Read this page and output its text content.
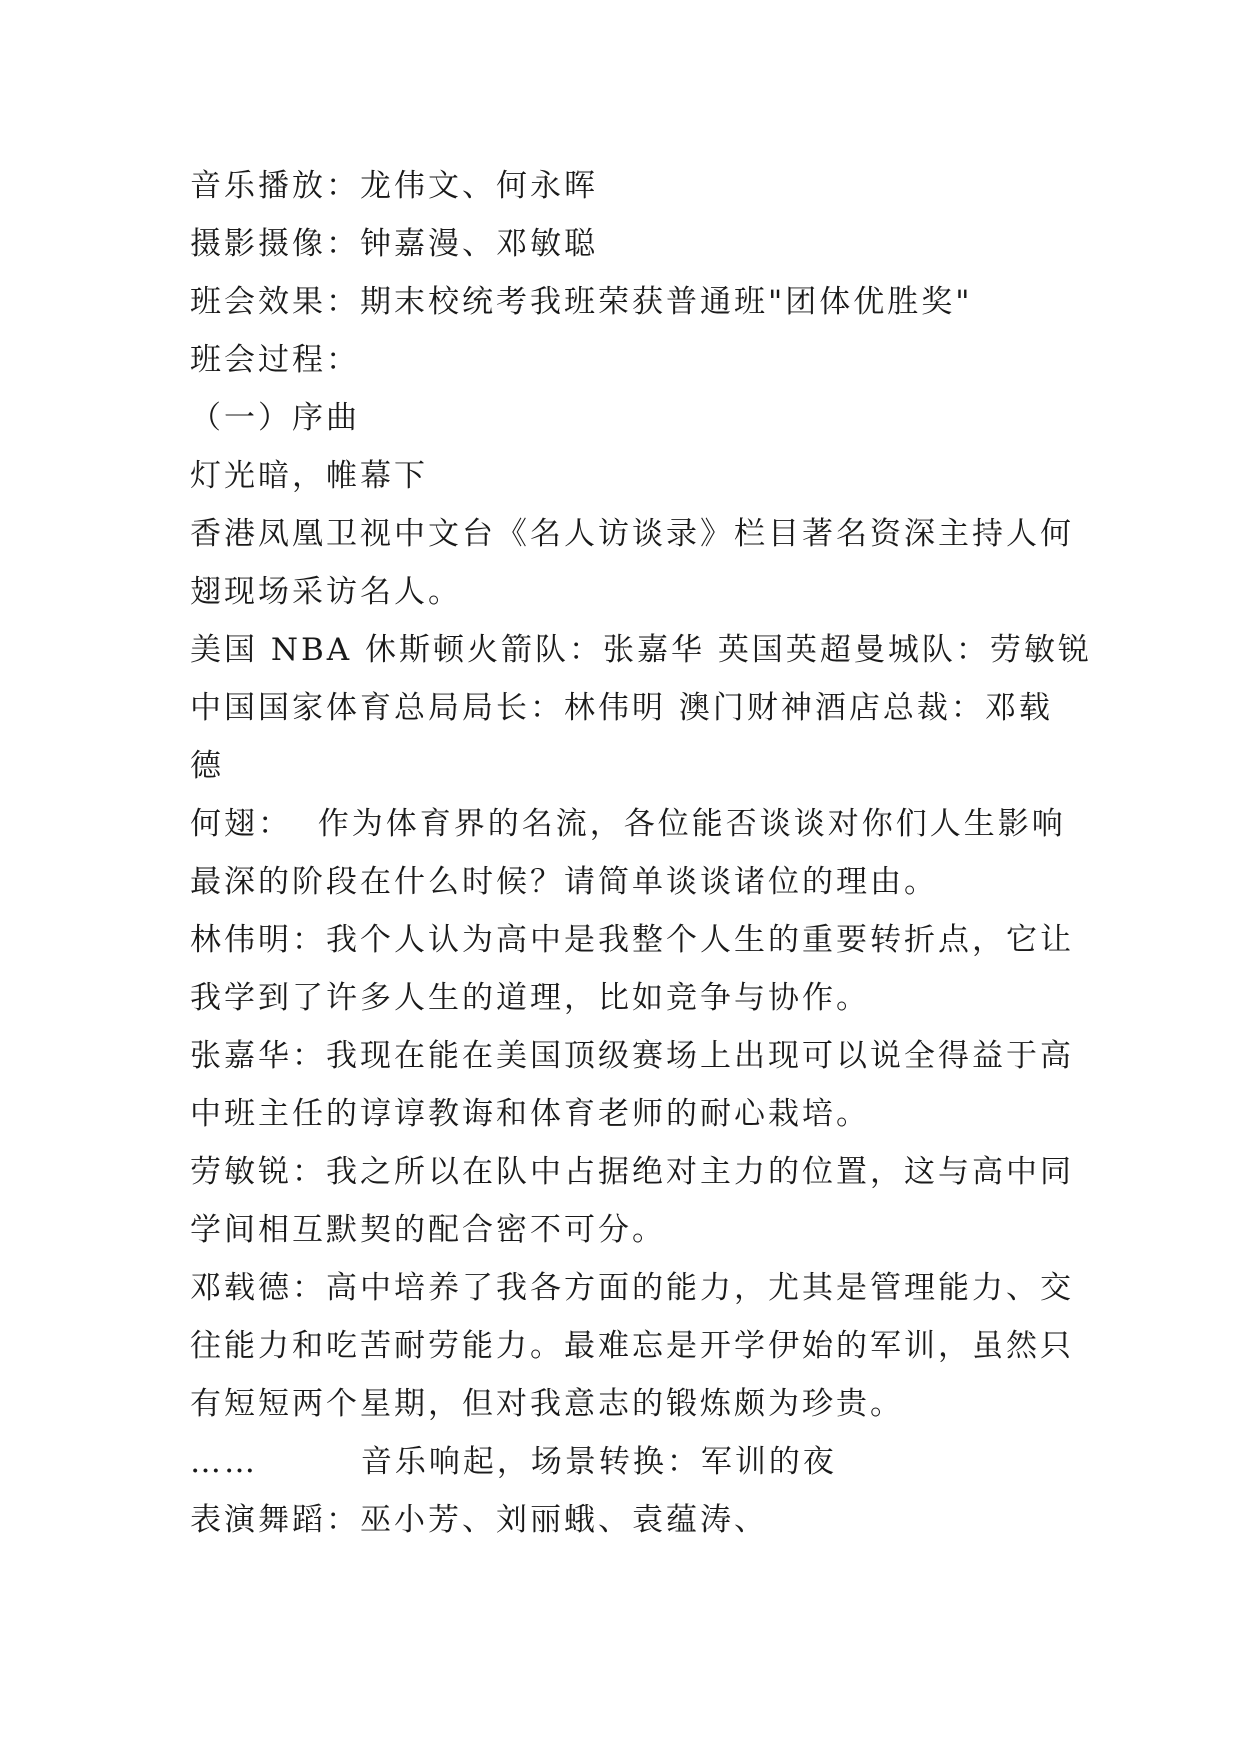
音乐播放：龙伟文、何永晖

摄影摄像：钟嘉漫、邓敏聪

班会效果：期末校统考我班荣获普通班"团体优胜奖"

班会过程：

（一）序曲

灯光暗，帷幕下

香港凤凰卫视中文台《名人访谈录》栏目著名资深主持人何

翅现场采访名人。

美国 NBA 休斯顿火箭队：张嘉华 英国英超曼城队：劳敏锐

中国国家体育总局局长：林伟明 澳门财神酒店总裁：邓载

德

何翅：  作为体育界的名流，各位能否谈谈对你们人生影响

最深的阶段在什么时候？请简单谈谈诸位的理由。

林伟明：我个人认为高中是我整个人生的重要转折点，它让

我学到了许多人生的道理，比如竞争与协作。

张嘉华：我现在能在美国顶级赛场上出现可以说全得益于高

中班主任的谆谆教诲和体育老师的耐心栽培。

劳敏锐：我之所以在队中占据绝对主力的位置，这与高中同

学间相互默契的配合密不可分。

邓载德：高中培养了我各方面的能力，尤其是管理能力、交

往能力和吃苦耐劳能力。最难忘是开学伊始的军训，虽然只

有短短两个星期，但对我意志的锻炼颇为珍贵。

……        音乐响起，场景转换：军训的夜

表演舞蹈：巫小芳、刘丽蛾、袁蕴涛、
